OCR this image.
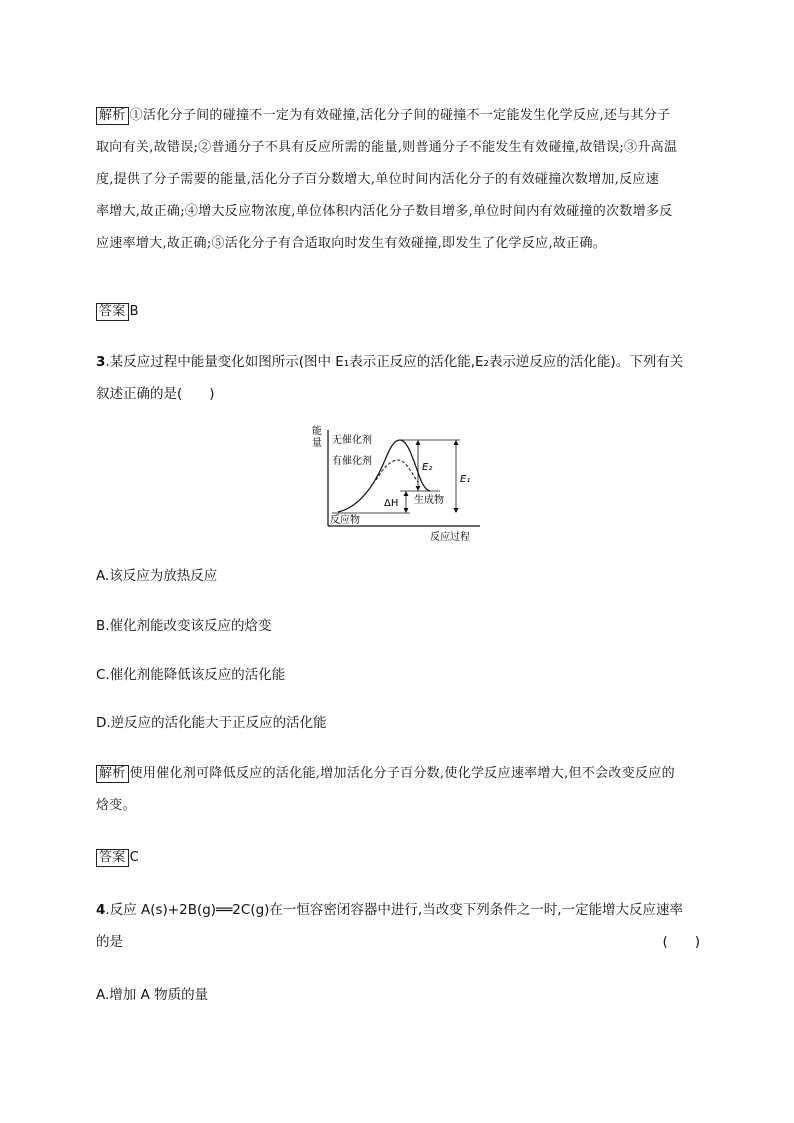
解析 ①活化分子间的碰撞不一定为有效碰撞,活化分子间的碰撞不一定能发生化学反应,还与其分子
取向有关,故错误;②普通分子不具有反应所需的能量,则普通分子不能发生有效碰撞,故错误;③升高温
度,提供了分子需要的能量,活化分子百分数增大,单位时间内活化分子的有效碰撞次数增加,反应速
率增大,故正确;④增大反应物浓度,单位体积内活化分子数目增多,单位时间内有效碰撞的次数增多反
应速率增大,故正确;⑤活化分子有合适取向时发生有效碰撞,即发生了化学反应,故正确。
答案 B
3.某反应过程中能量变化如图所示(图中 E₁表示正反应的活化能,E₂表示逆反应的活化能)。下列有关
叙述正确的是(　　)
能
量 无催化剂
有催化剂
E₂
E₁
ΔH 生成物
反应物
反应过程
A.该反应为放热反应
B.催化剂能改变该反应的焓变
C.催化剂能降低该反应的活化能
D.逆反应的活化能大于正反应的活化能
解析 使用催化剂可降低反应的活化能,增加活化分子百分数,使化学反应速率增大,但不会改变反应的
焓变。
答案 C
4.反应 A(s)+2B(g)══2C(g)在一恒容密闭容器中进行,当改变下列条件之一时,一定能增大反应速率
的是	(　　)
A.增加 A 物质的量
